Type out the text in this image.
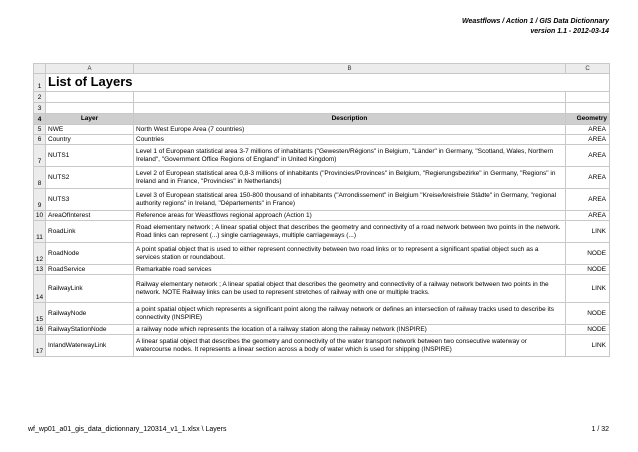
Weastflows / Action 1 / GIS Data Dictionnary
version 1.1 - 2012-03-14
	A	B	C
1	List of Layers		
2			
3			
4	Layer	Description	Geometry
5	NWE	North West Europe Area (7 countries)	AREA
6	Country	Countries	AREA
7	NUTS1	Level 1 of European statistical area 3-7 millions of inhabitants ("Gewesten/Régions" in Belgium, "Länder" in Germany, "Scotland, Wales, Northern Ireland", "Government Office Regions of England" in United Kingdom)	AREA
8	NUTS2	Level 2 of European statistical area 0,8-3 millions of inhabitants ("Provincies/Provinces" in Belgium, "Regierungsbezirke" in Germany, "Regions" in Ireland and in France, "Provincies" in Netherlands)	AREA
9	NUTS3	Level 3 of European statistical area 150-800 thousand of inhabitants ("Arrondissement" in Belgium "Kreise/kreisfreie Städte" in Germany, "regional authority regions" in Ireland, "Départements" in France)	AREA
10	AreaOfInterest	Reference areas for Weastflows regional approach (Action 1)	AREA
11	RoadLink	Road elementary network ; A linear spatial object that describes the geometry and connectivity of a road network between two points in the network. Road links can represent (...) single carriageways, multiple carriageways (...)	LINK
12	RoadNode	A point spatial object that is used to either represent connectivity between two road links or to represent a significant spatial object such as a services station or roundabout.	NODE
13	RoadService	Remarkable road services	NODE
14	RailwayLink	Railway elementary network ; A linear spatial object that describes the geometry and connectivity of a railway network between two points in the network. NOTE Railway links can be used to represent stretches of railway with one or multiple tracks.	LINK
15	RailwayNode	a point spatial object which represents a significant point along the railway network or defines an intersection of railway tracks used to describe its connectivity (INSPIRE)	NODE
16	RailwayStationNode	a railway node which represents the location of a railway station along the railway network (INSPIRE)	NODE
17	InlandWaterwayLink	A linear spatial object that describes the geometry and connectivity of the water transport network between two consecutive waterway or watercourse nodes. It represents a linear section across a body of water which is used for shipping (INSPIRE)	LINK
wf_wp01_a01_gis_data_dictionnary_120314_v1_1.xlsx \ Layers	1 / 32
